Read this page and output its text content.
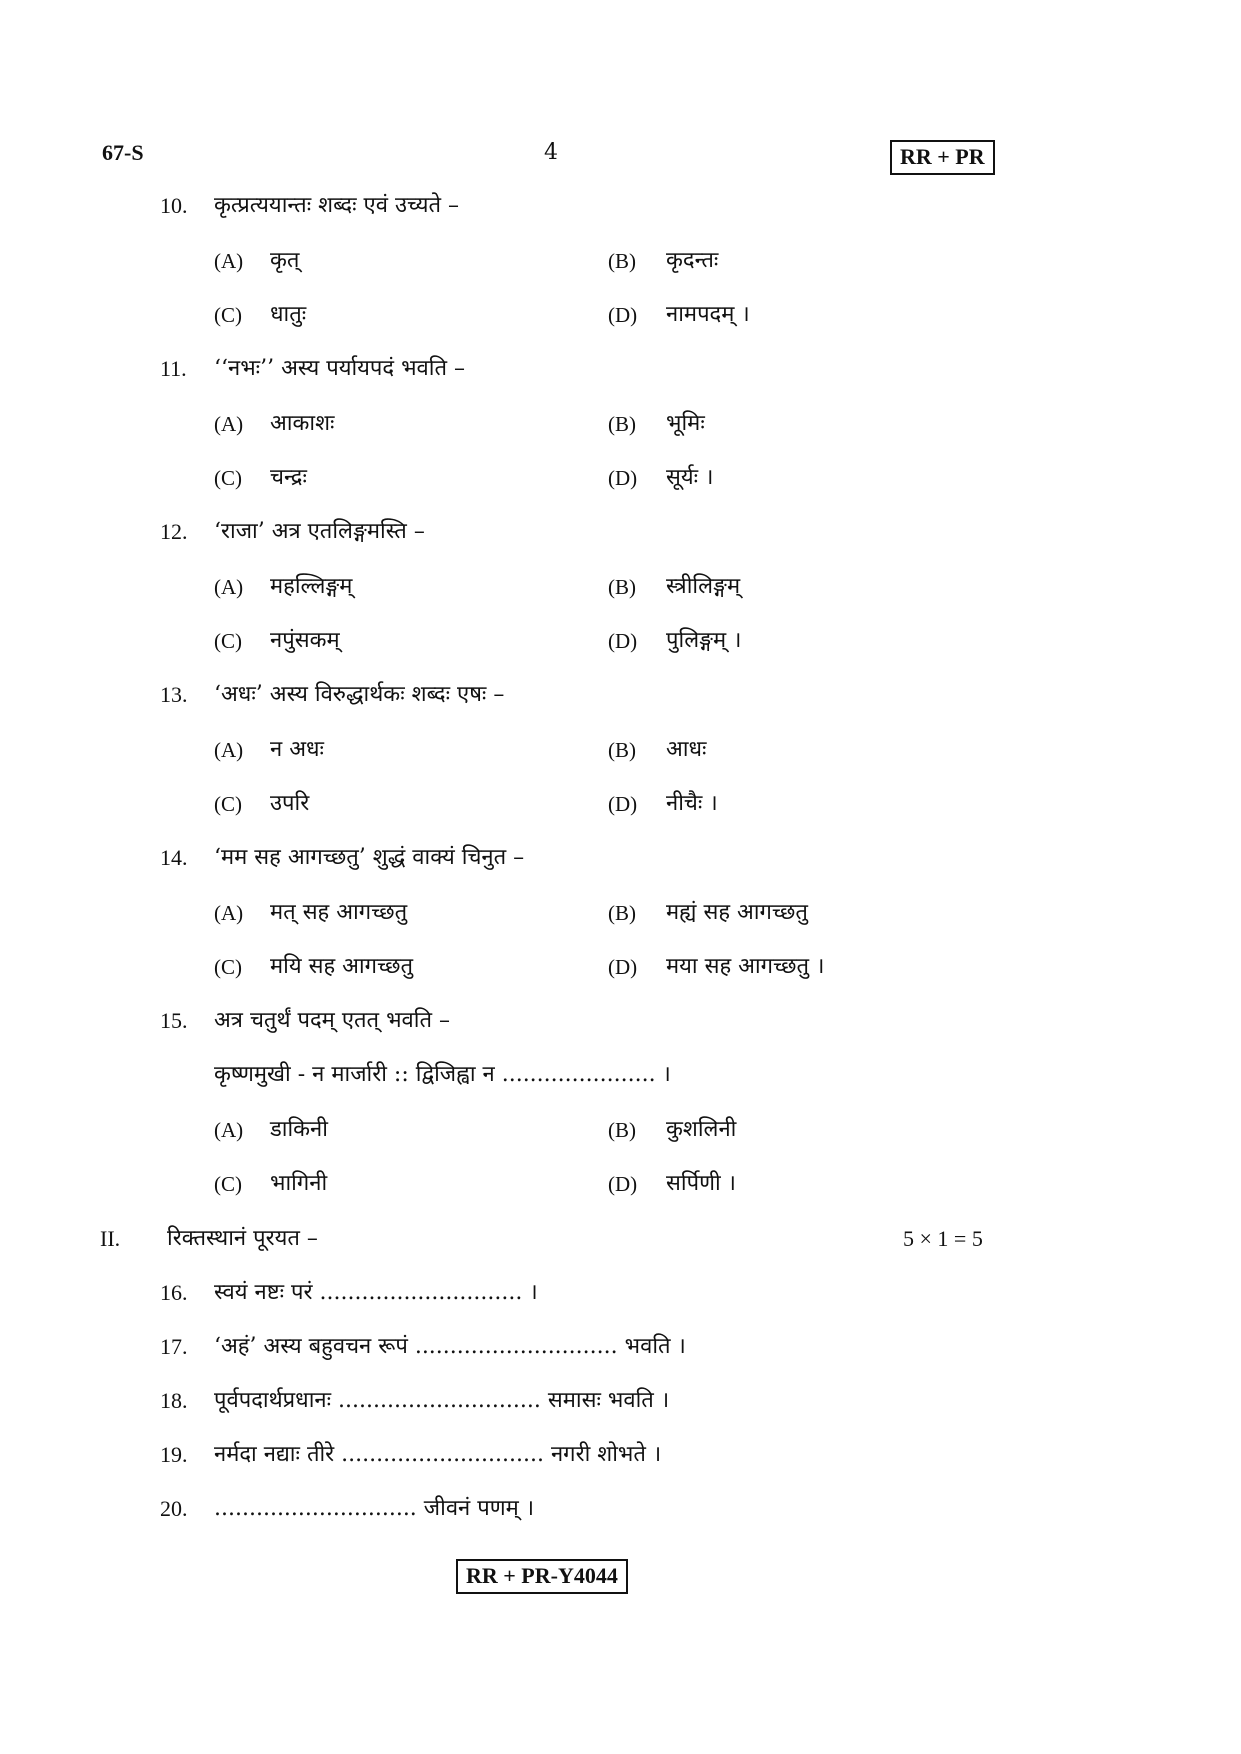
67-S	4	RR + PR
10. कृत्प्रत्ययान्तः शब्दः एवं उच्यते –
(A) कृत्	(B) कृदन्तः
(C) धातुः	(D) नामपदम् ।
11. ‘‘नभः’’ अस्य पर्यायपदं भवति –
(A) आकाशः	(B) भूमिः
(C) चन्द्रः	(D) सूर्यः ।
12. ‘राजा’ अत्र एतलिङ्गमस्ति –
(A) महल्लिङ्गम्	(B) स्त्रीलिङ्गम्
(C) नपुंसकम्	(D) पुलिङ्गम् ।
13. ‘अधः’ अस्य विरुद्धार्थकः शब्दः एषः –
(A) न अधः	(B) आधः
(C) उपरि	(D) नीचैः ।
14. ‘मम सह आगच्छतु’ शुद्धं वाक्यं चिनुत –
(A) मत् सह आगच्छतु	(B) मह्यं सह आगच्छतु
(C) मयि सह आगच्छतु	(D) मया सह आगच्छतु ।
15. अत्र चतुर्थं पदम् एतत् भवति –
कृष्णमुखी - न मार्जारी :: द्विजिह्वा न ...................... ।
(A) डाकिनी	(B) कुशलिनी
(C) भागिनी	(D) सर्पिणी ।
II. रिक्तस्थानं पूरयत –	5 × 1 = 5
16. स्वयं नष्टः परं ............................. ।
17. ‘अहं’ अस्य बहुवचन रूपं ............................. भवति ।
18. पूर्वपदार्थप्रधानः ............................. समासः भवति ।
19. नर्मदा नद्याः तीरे ............................. नगरी शोभते ।
20. ............................. जीवनं पणम् ।
RR + PR-Y4044
